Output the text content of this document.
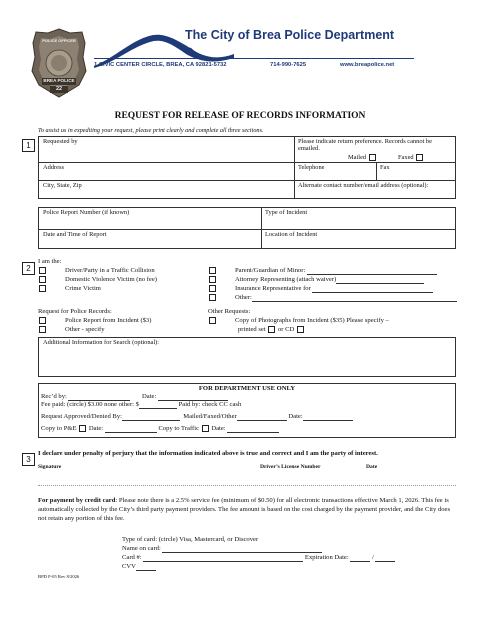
POLICE OFFICER
BREA POLICE
22
The City of Brea Police Department
1 CIVIC CENTER CIRCLE, BREA, CA 92821-5732	714-990-7625	www.breapolice.net
REQUEST FOR RELEASE OF RECORDS INFORMATION
To assist us in expediting your request, please print clearly and complete all three sections.
1	Requested by	Please indicate return preference. Records cannot be emailed.
Mailed	Faxed
Address	Telephone	Fax
City, State, Zip	Alternate contact number/email address (optional):
Police Report Number (if known)	Type of Incident
Date and Time of Report	Location of Incident
2
I am the:
Driver/Party in a Traffic Collision
Domestic Violence Victim (no fee)
Crime Victim
Parent/Guardian of Minor:
Attorney Representing (attach waiver)
Insurance Representative for
Other:
Request for Police Records:
Police Report from Incident ($3)
Other - specify
Other Requests:
Copy of Photographs from Incident ($35) Please specify –
printed set or CD
Additional Information for Search (optional):
FOR DEPARTMENT USE ONLY
Rec’d by:	Date:
Fee paid: (circle) $3.00 none other: $	Paid by: check CC cash
Request Approved/Denied By:	Mailed/Faxed/Other	Date:
Copy to P&E Date:	Copy to Traffic Date:
3
I declare under penalty of perjury that the information indicated above is true and correct and I am the party of interest.
Signature	Driver’s License Number	Date
For payment by credit card: Please note there is a 2.5% service fee (minimum of $0.50) for all electronic transactions effective March 1, 2026. This fee is automatically collected by the City’s third party payment providers. The fee amount is based on the cost charged by the payment provider, and the City does not retain any portion of this fee.
Type of card: (circle) Visa, Mastercard, or Discover
Name on card:
Card #:	Expiration Date:	/
CVV
BPD F-05 Rev 8/2026
